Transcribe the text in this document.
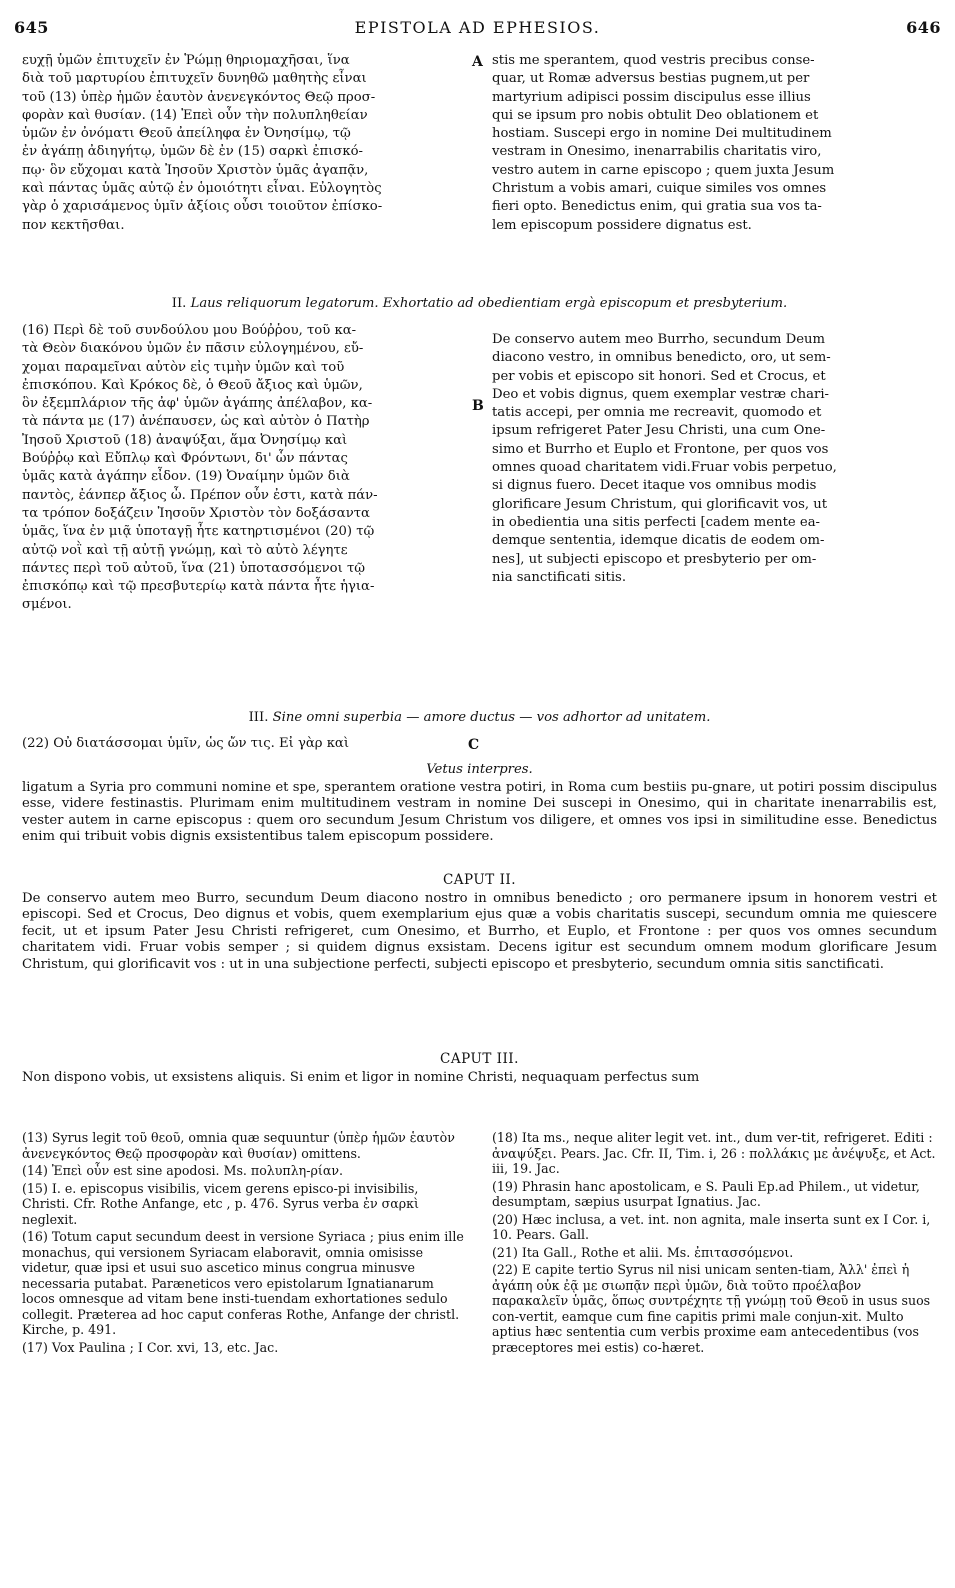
645	EPISTOLA AD EPHESIOS.	646

ευχῇ ὑμῶν ἐπιτυχεῖν ἐν Ῥώμῃ θηριομαχῆσαι, ἵνα

διὰ τοῦ μαρτυρίου ἐπιτυχεῖν δυνηθῶ μαθητὴς εἶναι

τοῦ (13) ὑπὲρ ἡμῶν ἑαυτὸν ἀνενεγκόντος Θεῷ προσ-

φορὰν καὶ θυσίαν. (14) Ἐπεὶ οὖν τὴν πολυπληθείαν

ὑμῶν ἐν ὀνόματι Θεοῦ ἀπείληφα ἐν Ὀνησίμῳ, τῷ

ἐν ἀγάπῃ ἀδιηγήτῳ, ὑμῶν δὲ ἐν (15) σαρκὶ ἐπισκό-

πῳ· ὃν εὔχομαι κατὰ Ἰησοῦν Χριστὸν ὑμᾶς ἀγαπᾷν,

καὶ πάντας ὑμᾶς αὐτῷ ἐν ὁμοιότητι εἶναι. Εὐλογητὸς

γὰρ ὁ χαρισάμενος ὑμῖν ἀξίοις οὖσι τοιοῦτον ἐπίσκο-

πον κεκτῆσθαι.

A stis me sperantem, quod vestris precibus conse-

quar, ut Romæ adversus bestias pugnem,ut per

martyrium adipisci possim discipulus esse illius

qui se ipsum pro nobis obtulit Deo oblationem et

hostiam. Suscepi ergo in nomine Dei multitudinem

vestram in Onesimo, inenarrabilis charitatis viro,

vestro autem in carne episcopo ; quem juxta Jesum

Christum a vobis amari, cuique similes vos omnes

fieri opto. Benedictus enim, qui gratia sua vos ta-

lem episcopum possidere dignatus est.

II. Laus reliquorum legatorum. Exhortatio ad obedientiam ergà episcopum et presbyterium.

(16) Περὶ δὲ τοῦ συνδούλου μου Βούῤῥου, τοῦ κα-

τὰ Θεὸν διακόνου ὑμῶν ἐν πᾶσιν εὐλογημένου, εὔ-

χομαι παραμεῖναι αὐτὸν εἰς τιμὴν ὑμῶν καὶ τοῦ

ἐπισκόπου. Καὶ Κρόκος δὲ, ὁ Θεοῦ ἄξιος καὶ ὑμῶν,

ὃν ἐξεμπλάριον τῆς ἀφ' ὑμῶν ἀγάπης ἀπέλαβον, κα-

τὰ πάντα με (17) ἀνέπαυσεν, ὡς καὶ αὐτὸν ὁ Πατὴρ

Ἰησοῦ Χριστοῦ (18) ἀναψύξαι, ἅμα Ὀνησίμῳ καὶ

Βούῤῥῳ καὶ Εὔπλῳ καὶ Φρόντωνι, δι' ὧν πάντας

ὑμᾶς κατὰ ἀγάπην εἶδον. (19) Ὀναίμην ὑμῶν διὰ

παντὸς, ἐάνπερ ἄξιος ὦ. Πρέπον οὖν ἐστι, κατὰ πάν-

τα τρόπον δοξάζειν Ἰησοῦν Χριστὸν τὸν δοξάσαντα

ὑμᾶς, ἵνα ἐν μιᾷ ὑποταγῇ ἦτε κατηρτισμένοι (20) τῷ

αὐτῷ νοῒ καὶ τῇ αὐτῇ γνώμῃ, καὶ τὸ αὐτὸ λέγητε

πάντες περὶ τοῦ αὐτοῦ, ἵνα (21) ὑποτασσόμενοι τῷ

ἐπισκόπῳ καὶ τῷ πρεσβυτερίῳ κατὰ πάντα ἦτε ἡγια-

σμένοι.

B

De conservo autem meo Burrho, secundum Deum

diacono vestro, in omnibus benedicto, oro, ut sem-

per vobis et episcopo sit honori. Sed et Crocus, et

Deo et vobis dignus, quem exemplar vestræ chari-

tatis accepi, per omnia me recreavit, quomodo et

ipsum refrigeret Pater Jesu Christi, una cum One-

simo et Burrho et Euplo et Frontone, per quos vos

omnes quoad charitatem vidi.Fruar vobis perpetuo,

si dignus fuero. Decet itaque vos omnibus modis

glorificare Jesum Christum, qui glorificavit vos, ut

in obedientia una sitis perfecti [cadem mente ea-

demque sententia, idemque dicatis de eodem om-

nes], ut subjecti episcopo et presbyterio per om-

nia sanctificati sitis.

III. Sine omni superbia — amore ductus — vos adhortor ad unitatem.

(22) Οὐ διατάσσομαι ὑμῖν, ὡς ὤν τις. Εἰ γὰρ καὶ	C
Vetus interpres.

ligatum a Syria pro communi nomine et spe, sperantem oratione vestra potiri, in Roma cum bestiis pu-gnare, ut potiri possim discipulus esse, videre festinastis. Plurimam enim multitudinem vestram in nomine Dei suscepi in Onesimo, qui in charitate inenarrabilis est, vester autem in carne episcopus : quem oro secundum Jesum Christum vos diligere, et omnes vos ipsi in similitudine esse. Benedictus enim qui tribuit vobis dignis exsistentibus talem episcopum possidere.

CAPUT II.

De conservo autem meo Burro, secundum Deum diacono nostro in omnibus benedicto ; oro permanere ipsum in honorem vestri et episcopi. Sed et Crocus, Deo dignus et vobis, quem exemplarium ejus quæ a vobis charitatis suscepi, secundum omnia me quiescere fecit, ut et ipsum Pater Jesu Christi refrigeret, cum Onesimo, et Burrho, et Euplo, et Frontone : per quos vos omnes secundum charitatem vidi. Fruar vobis semper ; si quidem dignus exsistam. Decens igitur est secundum omnem modum glorificare Jesum Christum, qui glorificavit vos : ut in una subjectione perfecti, subjecti episcopo et presbyterio, secundum omnia sitis sanctificati.

CAPUT III.

Non dispono vobis, ut exsistens aliquis. Si enim et ligor in nomine Christi, nequaquam perfectus sum

(13) Syrus legit τοῦ θεοῦ, omnia quæ sequuntur (ὑπὲρ ἡμῶν ἑαυτὸν ἀνενεγκόντος Θεῷ προσφορὰν καὶ θυσίαν) omittens.

(14) Ἐπεὶ οὖν est sine apodosi. Ms. πολυπλη-ρίαν.

(15) I. e. episcopus visibilis, vicem gerens episco-pi invisibilis, Christi. Cfr. Rothe Anfange, etc , p. 476. Syrus verba ἐν σαρκὶ neglexit.

(16) Totum caput secundum deest in versione Syriaca ; pius enim ille monachus, qui versionem Syriacam elaboravit, omnia omisisse videtur, quæ ipsi et usui suo ascetico minus congrua minusve necessaria putabat. Paræneticos vero epistolarum Ignatianarum locos omnesque ad vitam bene insti-tuendam exhortationes sedulo collegit. Præterea ad hoc caput conferas Rothe, Anfange der christl. Kirche, p. 491.

(17) Vox Paulina ; I Cor. xvi, 13, etc. Jac.

(18) Ita ms., neque aliter legit vet. int., dum ver-tit, refrigeret. Editi : ἀναψύξει. Pears. Jac. Cfr. II, Tim. i, 26 : πολλάκις με ἀνέψυξε, et Act. iii, 19. Jac.

(19) Phrasin hanc apostolicam, e S. Pauli Ep.ad Philem., ut videtur, desumptam, sæpius usurpat Ignatius. Jac.

(20) Hæc inclusa, a vet. int. non agnita, male inserta sunt ex I Cor. i, 10. Pears. Gall.

(21) Ita Gall., Rothe et alii. Ms. ἐπιτασσόμενοι.

(22) E capite tertio Syrus nil nisi unicam senten-tiam, Ἀλλ' ἐπεὶ ἡ ἀγάπη οὐκ ἐᾷ με σιωπᾷν περὶ ὑμῶν, διὰ τοῦτο προέλαβον παρακαλεῖν ὑμᾶς, ὅπως συντρέχητε τῇ γνώμῃ τοῦ Θεοῦ in usus suos con-vertit, eamque cum fine capitis primi male conjun-xit. Multo aptius hæc sententia cum verbis proxime eam antecedentibus (vos præceptores mei estis) co-hæret.
